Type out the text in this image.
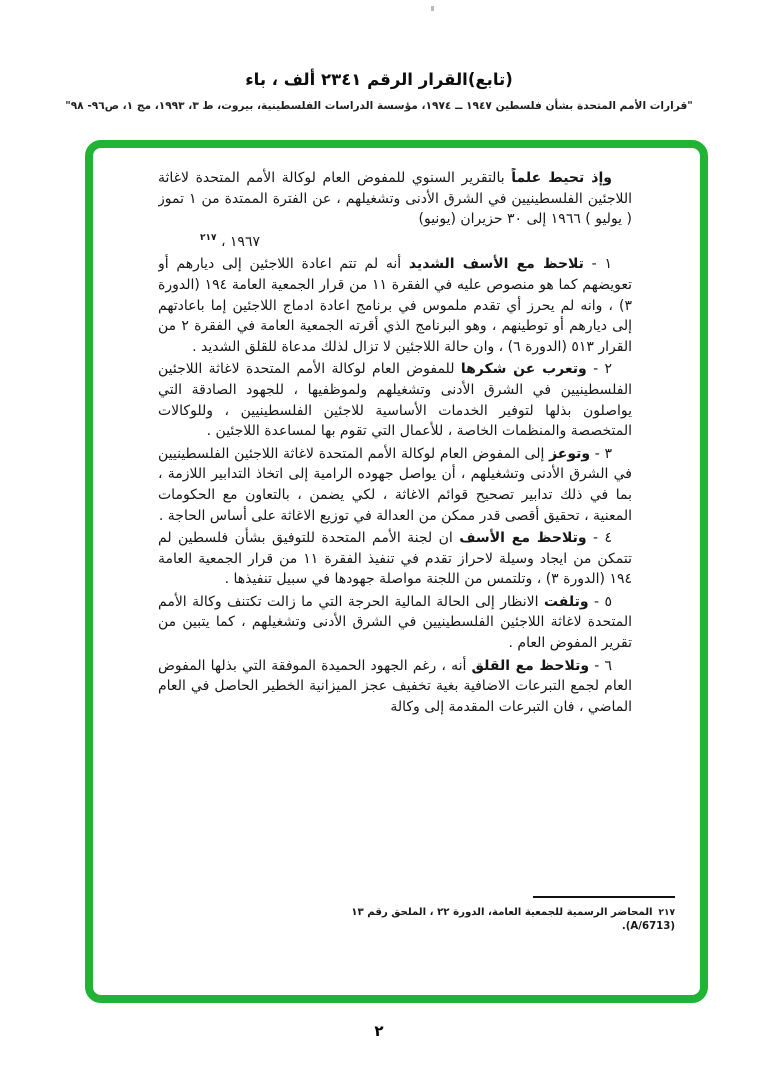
(تابع)القرار الرقم ٢٣٤١ ألف ، باء
"قرارات الأمم المتحدة بشأن فلسطين ١٩٤٧ ــ ١٩٧٤، مؤسسة الدراسات الفلسطينية، بيروت، ط ٣، ١٩٩٣، مج ١، ص٩٦- ٩٨"

وإذ تحيط علماً بالتقرير السنوي للمفوض العام لوكالة الأمم المتحدة لاغاثة اللاجئين الفلسطينيين في الشرق الأدنى وتشغيلهم ، عن الفترة الممتدة من ١ تموز ( يوليو ) ١٩٦٦ إلى ٣٠ حزيران (يونيو)

١٩٦٧ ، $^{٢١٧}$

١ - تلاحظ مع الأسف الشديد أنه لم تتم اعادة اللاجئين إلى ديارهم أو تعويضهم كما هو منصوص عليه في الفقرة ١١ من قرار الجمعية العامة ١٩٤ (الدورة ٣) ، وانه لم يحرز أي تقدم ملموس في برنامج اعادة ادماج اللاجئين إما باعادتهم إلى ديارهم أو توطينهم ، وهو البرنامج الذي أقرته الجمعية العامة في الفقرة ٢ من القرار ٥١٣ (الدورة ٦) ، وان حالة اللاجئين لا تزال لذلك مدعاة للقلق الشديد .

٢ - وتعرب عن شكرها للمفوض العام لوكالة الأمم المتحدة لاغاثة اللاجئين الفلسطينيين في الشرق الأدنى وتشغيلهم ولموظفيها ، للجهود الصادقة التي يواصلون بذلها لتوفير الخدمات الأساسية للاجئين الفلسطينيين ، وللوكالات المتخصصة والمنظمات الخاصة ، للأعمال التي تقوم بها لمساعدة اللاجئين .

٣ - وتوعز إلى المفوض العام لوكالة الأمم المتحدة لاغاثة اللاجئين الفلسطينيين في الشرق الأدنى وتشغيلهم ، أن يواصل جهوده الرامية إلى اتخاذ التدابير اللازمة ، بما في ذلك تدابير تصحيح قوائم الاغاثة ، لكي يضمن ، بالتعاون مع الحكومات المعنية ، تحقيق أقصى قدر ممكن من العدالة في توزيع الاغاثة على أساس الحاجة .

٤ - وتلاحظ مع الأسف ان لجنة الأمم المتحدة للتوفيق بشأن فلسطين لم تتمكن من ايجاد وسيلة لاحراز تقدم في تنفيذ الفقرة ١١ من قرار الجمعية العامة ١٩٤ (الدورة ٣) ، وتلتمس من اللجنة مواصلة جهودها في سبيل تنفيذها .

٥ - وتلفت الانظار إلى الحالة المالية الحرجة التي ما زالت تكتنف وكالة الأمم المتحدة لاغاثة اللاجئين الفلسطينيين في الشرق الأدنى وتشغيلهم ، كما يتبين من تقرير المفوض العام .

٦ - وتلاحظ مع القلق أنه ، رغم الجهود الحميدة الموفقة التي بذلها المفوض العام لجمع التبرعات الاضافية بغية تخفيف عجز الميزانية الخطير الحاصل في العام الماضي ، فان التبرعات المقدمة إلى وكالة

٢١٧المحاضر الرسمية للجمعية العامة، الدورة ٢٢ ، الملحق رقم ١٣ (A/6713).
٢
